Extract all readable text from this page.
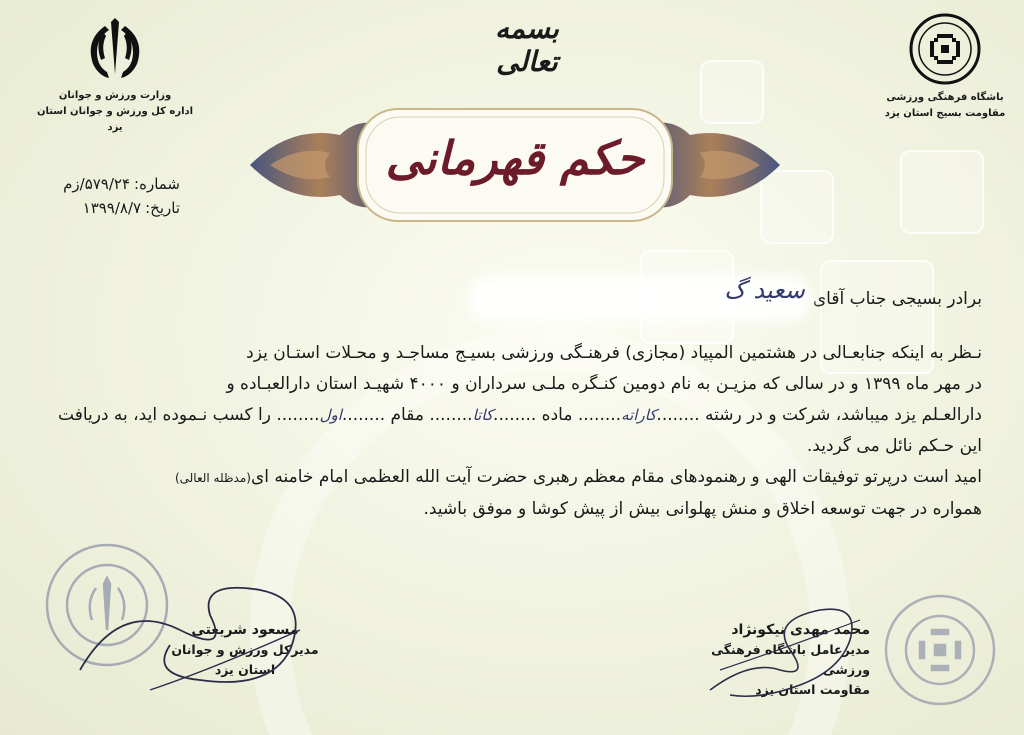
وزارت ورزش و جوانان
اداره کل ورزش و جوانان استان یزد
بسمه تعالی
باشگاه فرهنگی ورزشی
مقاومت بسیج استان یزد
حکم قهرمانی
شماره:
۵۷۹/۲۴/زم
تاریخ:
۱۳۹۹/۸/۷
برادر بسیجی جناب آقای
سعید گ

نـظر به اینکه جنابعـالی در هشتمین المپیاد (مجازی) فرهنـگی ورزشی بسیـج مساجـد و محـلات استـان یزد

در مهر ماه ۱۳۹۹ و در سالی که مزیـن به نام دومین کنـگره ملـی سرداران و ۴۰۰۰ شهیـد استان دارالعبـاده و

دارالعـلم یزد میباشد، شرکت و در رشته ........کاراته........ ماده ........کاتا........ مقام ........اول........ را کسب نـموده اید، به دریافت

این حـکم نائل می گردید.

امید است درپرتو توفیقات الهی و رهنمودهای مقام معظم رهبری حضرت آیت الله العظمی امام خامنه ای(مدظله العالی)

همواره در جهت توسعه اخلاق و منش پهلوانی بیش از پیش کوشا و موفق باشید.

مسعود شریعتی
مدیرکل ورزش و جوانان
استان یزد
محمد مهدی نیکونژاد
مدیرعامل باشگاه فرهنگی ورزشی
مقاومت استان یزد
